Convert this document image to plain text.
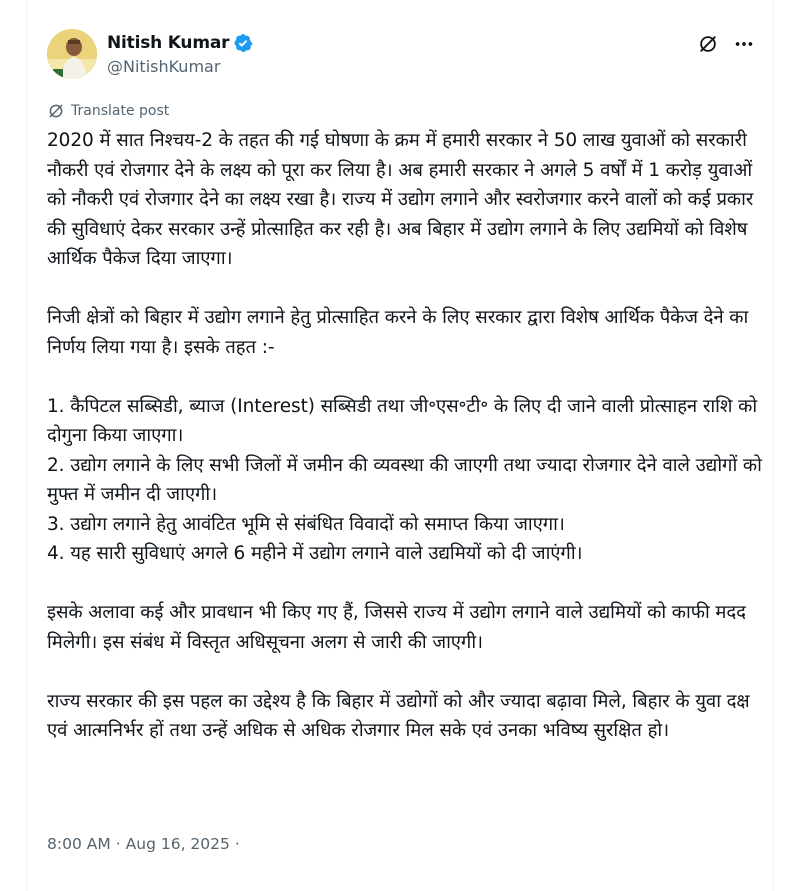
Nitish Kumar
@NitishKumar
Translate post

2020 में सात निश्चय-2 के तहत की गई घोषणा के क्रम में हमारी सरकार ने 50 लाख युवाओं को सरकारी नौकरी एवं रोजगार देने के लक्ष्य को पूरा कर लिया है। अब हमारी सरकार ने अगले 5 वर्षों में 1 करोड़ युवाओं को नौकरी एवं रोजगार देने का लक्ष्य रखा है। राज्य में उद्योग लगाने और स्वरोजगार करने वालों को कई प्रकार की सुविधाएं देकर सरकार उन्हें प्रोत्साहित कर रही है। अब बिहार में उद्योग लगाने के लिए उद्यमियों को विशेष आर्थिक पैकेज दिया जाएगा।

निजी क्षेत्रों को बिहार में उद्योग लगाने हेतु प्रोत्साहित करने के लिए सरकार द्वारा विशेष आर्थिक पैकेज देने का निर्णय लिया गया है। इसके तहत :-

1. कैपिटल सब्सिडी, ब्याज (Interest) सब्सिडी तथा जी॰एस॰टी॰ के लिए दी जाने वाली प्रोत्साहन राशि को दोगुना किया जाएगा।
2. उद्योग लगाने के लिए सभी जिलों में जमीन की व्यवस्था की जाएगी तथा ज्यादा रोजगार देने वाले उद्योगों को मुफ्त में जमीन दी जाएगी।
3. उद्योग लगाने हेतु आवंटित भूमि से संबंधित विवादों को समाप्त किया जाएगा।
4. यह सारी सुविधाएं अगले 6 महीने में उद्योग लगाने वाले उद्यमियों को दी जाएंगी।

इसके अलावा कई और प्रावधान भी किए गए हैं, जिससे राज्य में उद्योग लगाने वाले उद्यमियों को काफी मदद मिलेगी। इस संबंध में विस्तृत अधिसूचना अलग से जारी की जाएगी।

राज्य सरकार की इस पहल का उद्देश्य है कि बिहार में उद्योगों को और ज्यादा बढ़ावा मिले, बिहार के युवा दक्ष एवं आत्मनिर्भर हों तथा उन्हें अधिक से अधिक रोजगार मिल सके एवं उनका भविष्य सुरक्षित हो।

8:00 AM · Aug 16, 2025 ·
